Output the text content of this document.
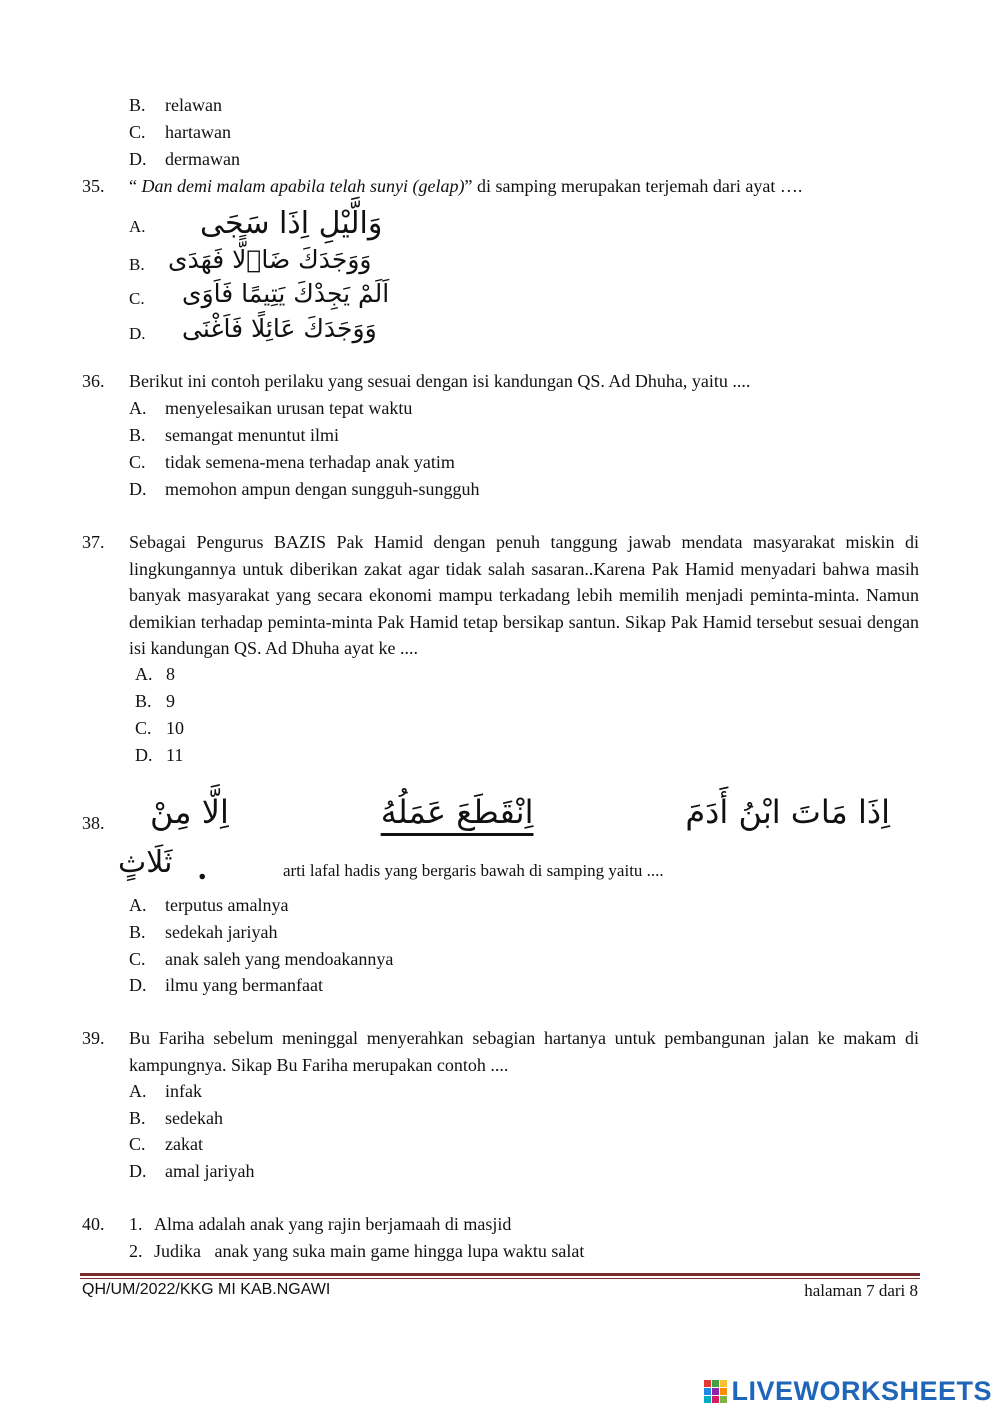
B. relawan
C. hartawan
D. dermawan
35. “ Dan demi malam apabila telah sunyi (gelap)” di samping merupakan terjemah dari ayat ….
A. وَالَّيْلِ اِذَا سَجَى
B. وَوَجَدَكَ ضَاۤلًّا فَهَدَى
C. اَلَمْ يَجِدْكَ يَتِيمًا فَاَوَى
D. وَوَجَدَكَ عَائِلًا فَاَغْنَى
36. Berikut ini contoh perilaku yang sesuai dengan isi kandungan QS. Ad Dhuha, yaitu ....
A. menyelesaikan urusan tepat waktu
B. semangat menuntut ilmi
C. tidak semena-mena terhadap anak yatim
D. memohon ampun dengan sungguh-sungguh
37. Sebagai Pengurus BAZIS Pak Hamid dengan penuh tanggung jawab mendata masyarakat miskin di lingkungannya untuk diberikan zakat agar tidak salah sasaran..Karena Pak Hamid menyadari bahwa masih banyak masyarakat yang secara ekonomi mampu terkadang lebih memilih menjadi peminta-minta. Namun demikian terhadap peminta-minta Pak Hamid tetap bersikap santun. Sikap Pak Hamid tersebut sesuai dengan isi kandungan QS. Ad Dhuha ayat ke ....
A. 8
B. 9
C. 10
D. 11
38.	اِذَا مَاتَ ابْنُ أَدَمَ
اِنْقَطَعَ عَمَلُهُ
اِلَّا مِنْ
ثَلَاثٍ .	arti lafal hadis yang bergaris bawah di samping yaitu ....
A. terputus amalnya
B. sedekah jariyah
C. anak saleh yang mendoakannya
D. ilmu yang bermanfaat
39. Bu Fariha sebelum meninggal menyerahkan sebagian hartanya untuk pembangunan jalan ke makam di kampungnya. Sikap Bu Fariha merupakan contoh ....
A. infak
B. sedekah
C. zakat
D. amal jariyah
40. 1. Alma adalah anak yang rajin berjamaah di masjid
2. Judika   anak yang suka main game hingga lupa waktu salat
QH/UM/2022/KKG MI KAB.NGAWI	halaman 7 dari 8
LIVEWORKSHEETS
